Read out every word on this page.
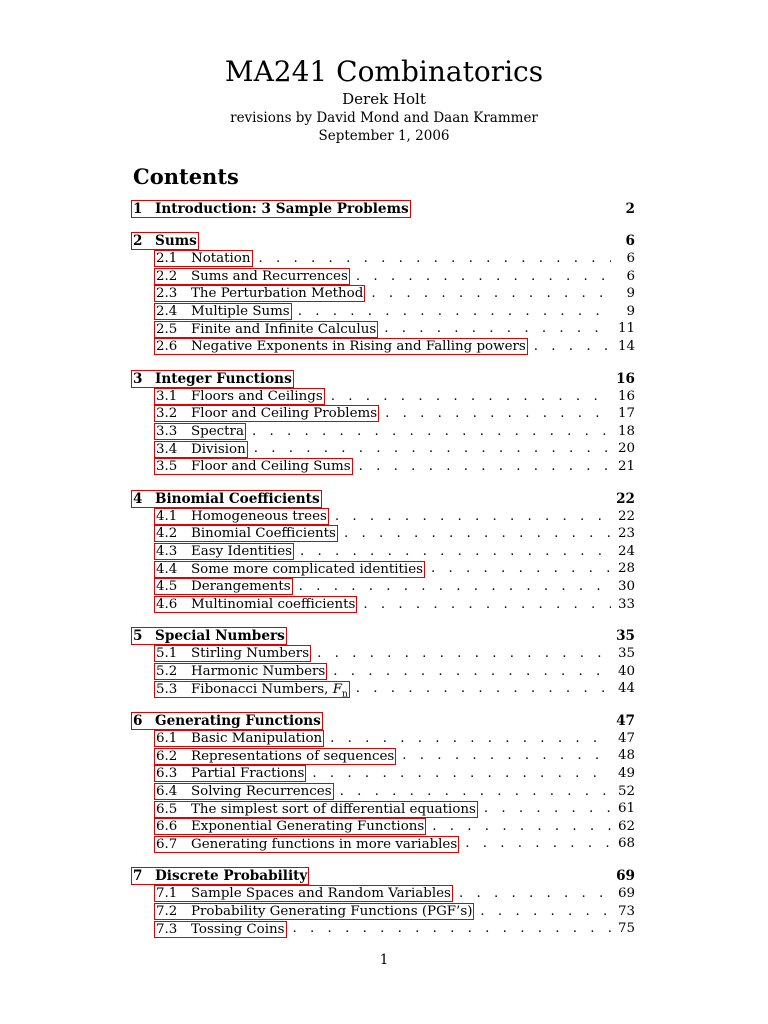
MA241 Combinatorics
Derek Holt
revisions by David Mond and Daan Krammer
September 1, 2006
Contents
1 Introduction: 3 Sample Problems	2
2 Sums	6
2.1 Notation . . .	6
2.2 Sums and Recurrences . . .	6
2.3 The Perturbation Method . . .	9
2.4 Multiple Sums . . .	9
2.5 Finite and Infinite Calculus . . .	11
2.6 Negative Exponents in Rising and Falling powers . . .	14
3 Integer Functions	16
3.1 Floors and Ceilings . . .	16
3.2 Floor and Ceiling Problems . . .	17
3.3 Spectra . . .	18
3.4 Division . . .	20
3.5 Floor and Ceiling Sums . . .	21
4 Binomial Coefficients	22
4.1 Homogeneous trees . . .	22
4.2 Binomial Coefficients . . .	23
4.3 Easy Identities . . .	24
4.4 Some more complicated identities . . .	28
4.5 Derangements . . .	30
4.6 Multinomial coefficients . . .	33
5 Special Numbers	35
5.1 Stirling Numbers . . .	35
5.2 Harmonic Numbers . . .	40
5.3 Fibonacci Numbers, $F_n$ . . .	44
6 Generating Functions	47
6.1 Basic Manipulation . . .	47
6.2 Representations of sequences . . .	48
6.3 Partial Fractions . . .	49
6.4 Solving Recurrences . . .	52
6.5 The simplest sort of differential equations . . .	61
6.6 Exponential Generating Functions . . .	62
6.7 Generating functions in more variables . . .	68
7 Discrete Probability	69
7.1 Sample Spaces and Random Variables . . .	69
7.2 Probability Generating Functions (PGF’s) . . .	73
7.3 Tossing Coins . . .	75
1
